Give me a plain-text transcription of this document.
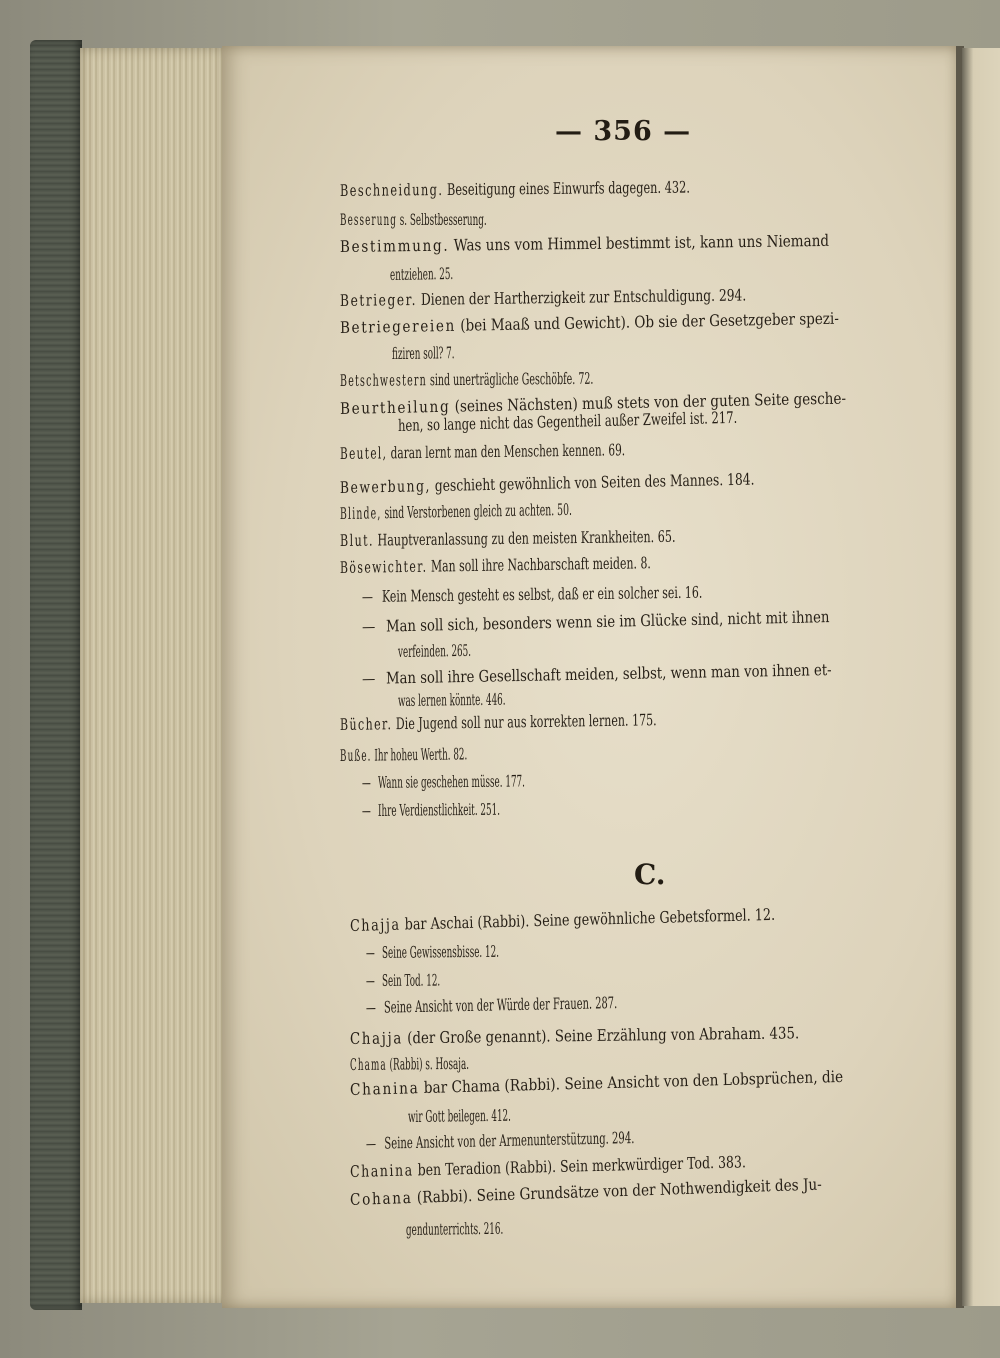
— 356 —
Beschneidung. Beseitigung eines Einwurfs dagegen. 432.
Besserung s. Selbstbesserung.
Bestimmung. Was uns vom Himmel bestimmt ist, kann uns Niemand
entziehen. 25.
Betrieger. Dienen der Hartherzigkeit zur Entschuldigung. 294.
Betriegereien (bei Maaß und Gewicht). Ob sie der Gesetzgeber spezi-
fiziren soll? 7.
Betschwestern sind unerträgliche Geschöbfe. 72.
Beurtheilung (seines Nächsten) muß stets von der guten Seite gesche-
hen, so lange nicht das Gegentheil außer Zweifel ist. 217.
Beutel, daran lernt man den Menschen kennen. 69.
Bewerbung, geschieht gewöhnlich von Seiten des Mannes. 184.
Blinde, sind Verstorbenen gleich zu achten. 50.
Blut. Hauptveranlassung zu den meisten Krankheiten. 65.
Bösewichter. Man soll ihre Nachbarschaft meiden. 8.
— Kein Mensch gesteht es selbst, daß er ein solcher sei. 16.
— Man soll sich, besonders wenn sie im Glücke sind, nicht mit ihnen
verfeinden. 265.
— Man soll ihre Gesellschaft meiden, selbst, wenn man von ihnen et-
was lernen könnte. 446.
Bücher. Die Jugend soll nur aus korrekten lernen. 175.
Buße. Ihr hoheu Werth. 82.
— Wann sie geschehen müsse. 177.
— Ihre Verdienstlichkeit. 251.
Chajja bar Aschai (Rabbi). Seine gewöhnliche Gebetsformel. 12.
— Seine Gewissensbisse. 12.
— Sein Tod. 12.
— Seine Ansicht von der Würde der Frauen. 287.
Chajja (der Große genannt). Seine Erzählung von Abraham. 435.
Chama (Rabbi) s. Hosaja.
Chanina bar Chama (Rabbi). Seine Ansicht von den Lobsprüchen, die
wir Gott beilegen. 412.
— Seine Ansicht von der Armenunterstützung. 294.
Chanina ben Teradion (Rabbi). Sein merkwürdiger Tod. 383.
Cohana (Rabbi). Seine Grundsätze von der Nothwendigkeit des Ju-
gendunterrichts. 216.
C.
